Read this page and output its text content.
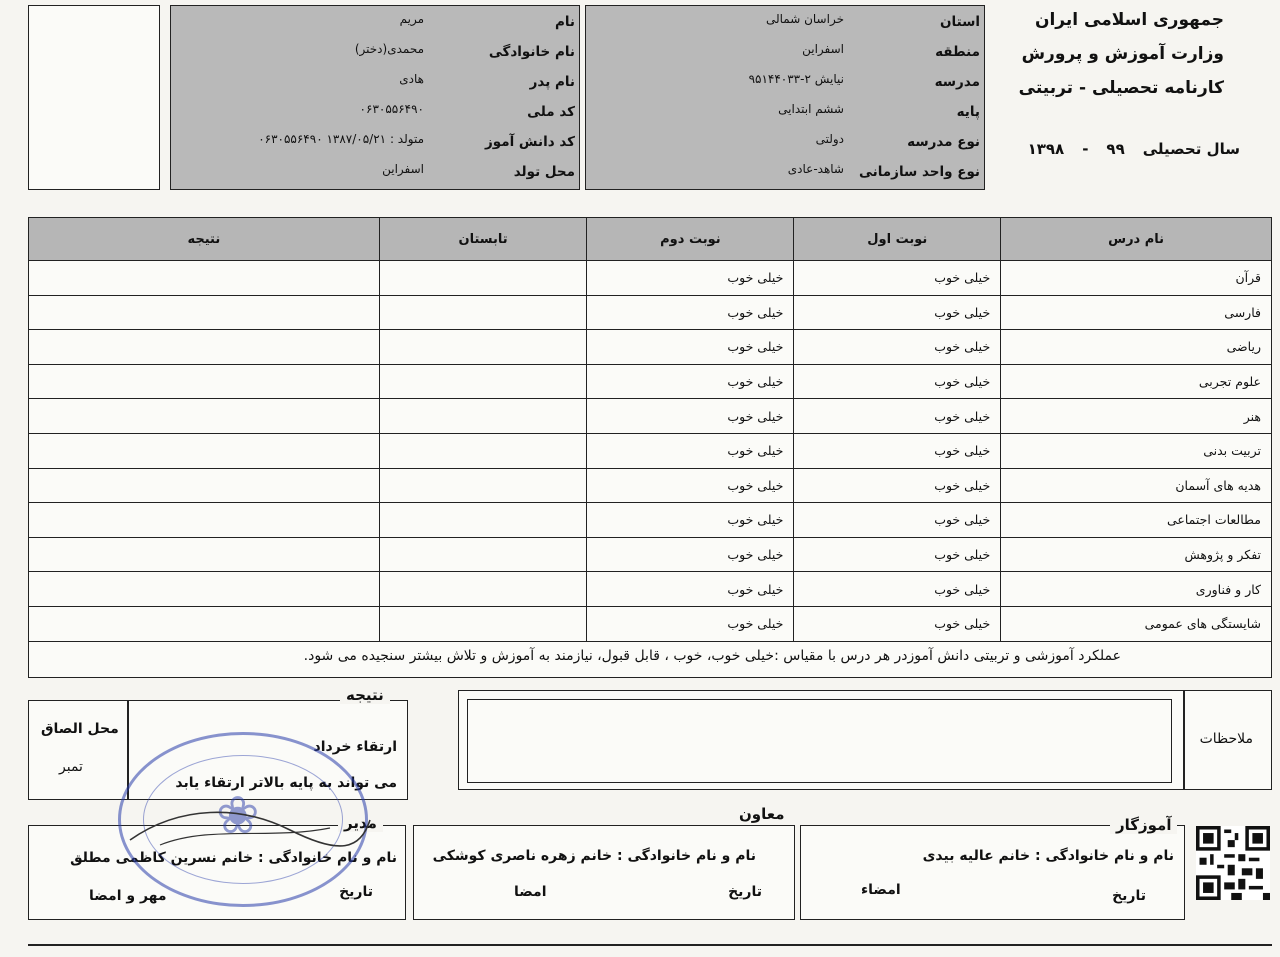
جمهوری اسلامی ایران
وزارت آموزش و پرورش
کارنامه تحصیلی - تربیتی
سال تحصیلی
۹۹
-
۱۳۹۸
استان
خراسان شمالی
منطقه
اسفراین
مدرسه
۹۵۱۴۴۰۳۳-نیایش ۲
پایه
ششم ابتدایی
نوع مدرسه
دولتی
نوع واحد سازمانی
شاهد-عادی
نام
مریم
نام خانوادگی
محمدی(دختر)
نام پدر
هادی
کد ملی
۰۶۳۰۵۵۶۴۹۰
کد دانش آموز
۰۶۳۰۵۵۶۴۹۰ متولد : ۱۳۸۷/۰۵/۲۱
محل تولد
اسفراین
نام درس	نوبت اول	نوبت دوم	تابستان	نتیجه
قرآن	خیلی خوب	خیلی خوب		
فارسی	خیلی خوب	خیلی خوب		
ریاضی	خیلی خوب	خیلی خوب		
علوم تجربی	خیلی خوب	خیلی خوب		
هنر	خیلی خوب	خیلی خوب		
تربیت بدنی	خیلی خوب	خیلی خوب		
هدیه های آسمان	خیلی خوب	خیلی خوب		
مطالعات اجتماعی	خیلی خوب	خیلی خوب		
تفکر و پژوهش	خیلی خوب	خیلی خوب		
کار و فناوری	خیلی خوب	خیلی خوب		
شایستگی های عمومی	خیلی خوب	خیلی خوب		
عملکرد آموزشی و تربیتی دانش آموزدر هر درس با مقیاس :خیلی خوب، خوب ، قابل قبول، نیازمند به آموزش و تلاش بیشتر سنجیده می شود.
ملاحظات
ارتقاء خرداد
می تواند به پایه بالاتر ارتقاء یابد
محل الصاق
تمبر
نتیجه
نام و نام خانوادگی : خانم عالیه بیدی
تاریخ
امضاء
آموزگار
نام و نام خانوادگی : خانم زهره ناصری کوشکی
تاریخ
امضا
معاون
نام و نام خانوادگی : خانم نسرین کاظمی مطلق
تاریخ
مهر و امضا
مدیر
❀
